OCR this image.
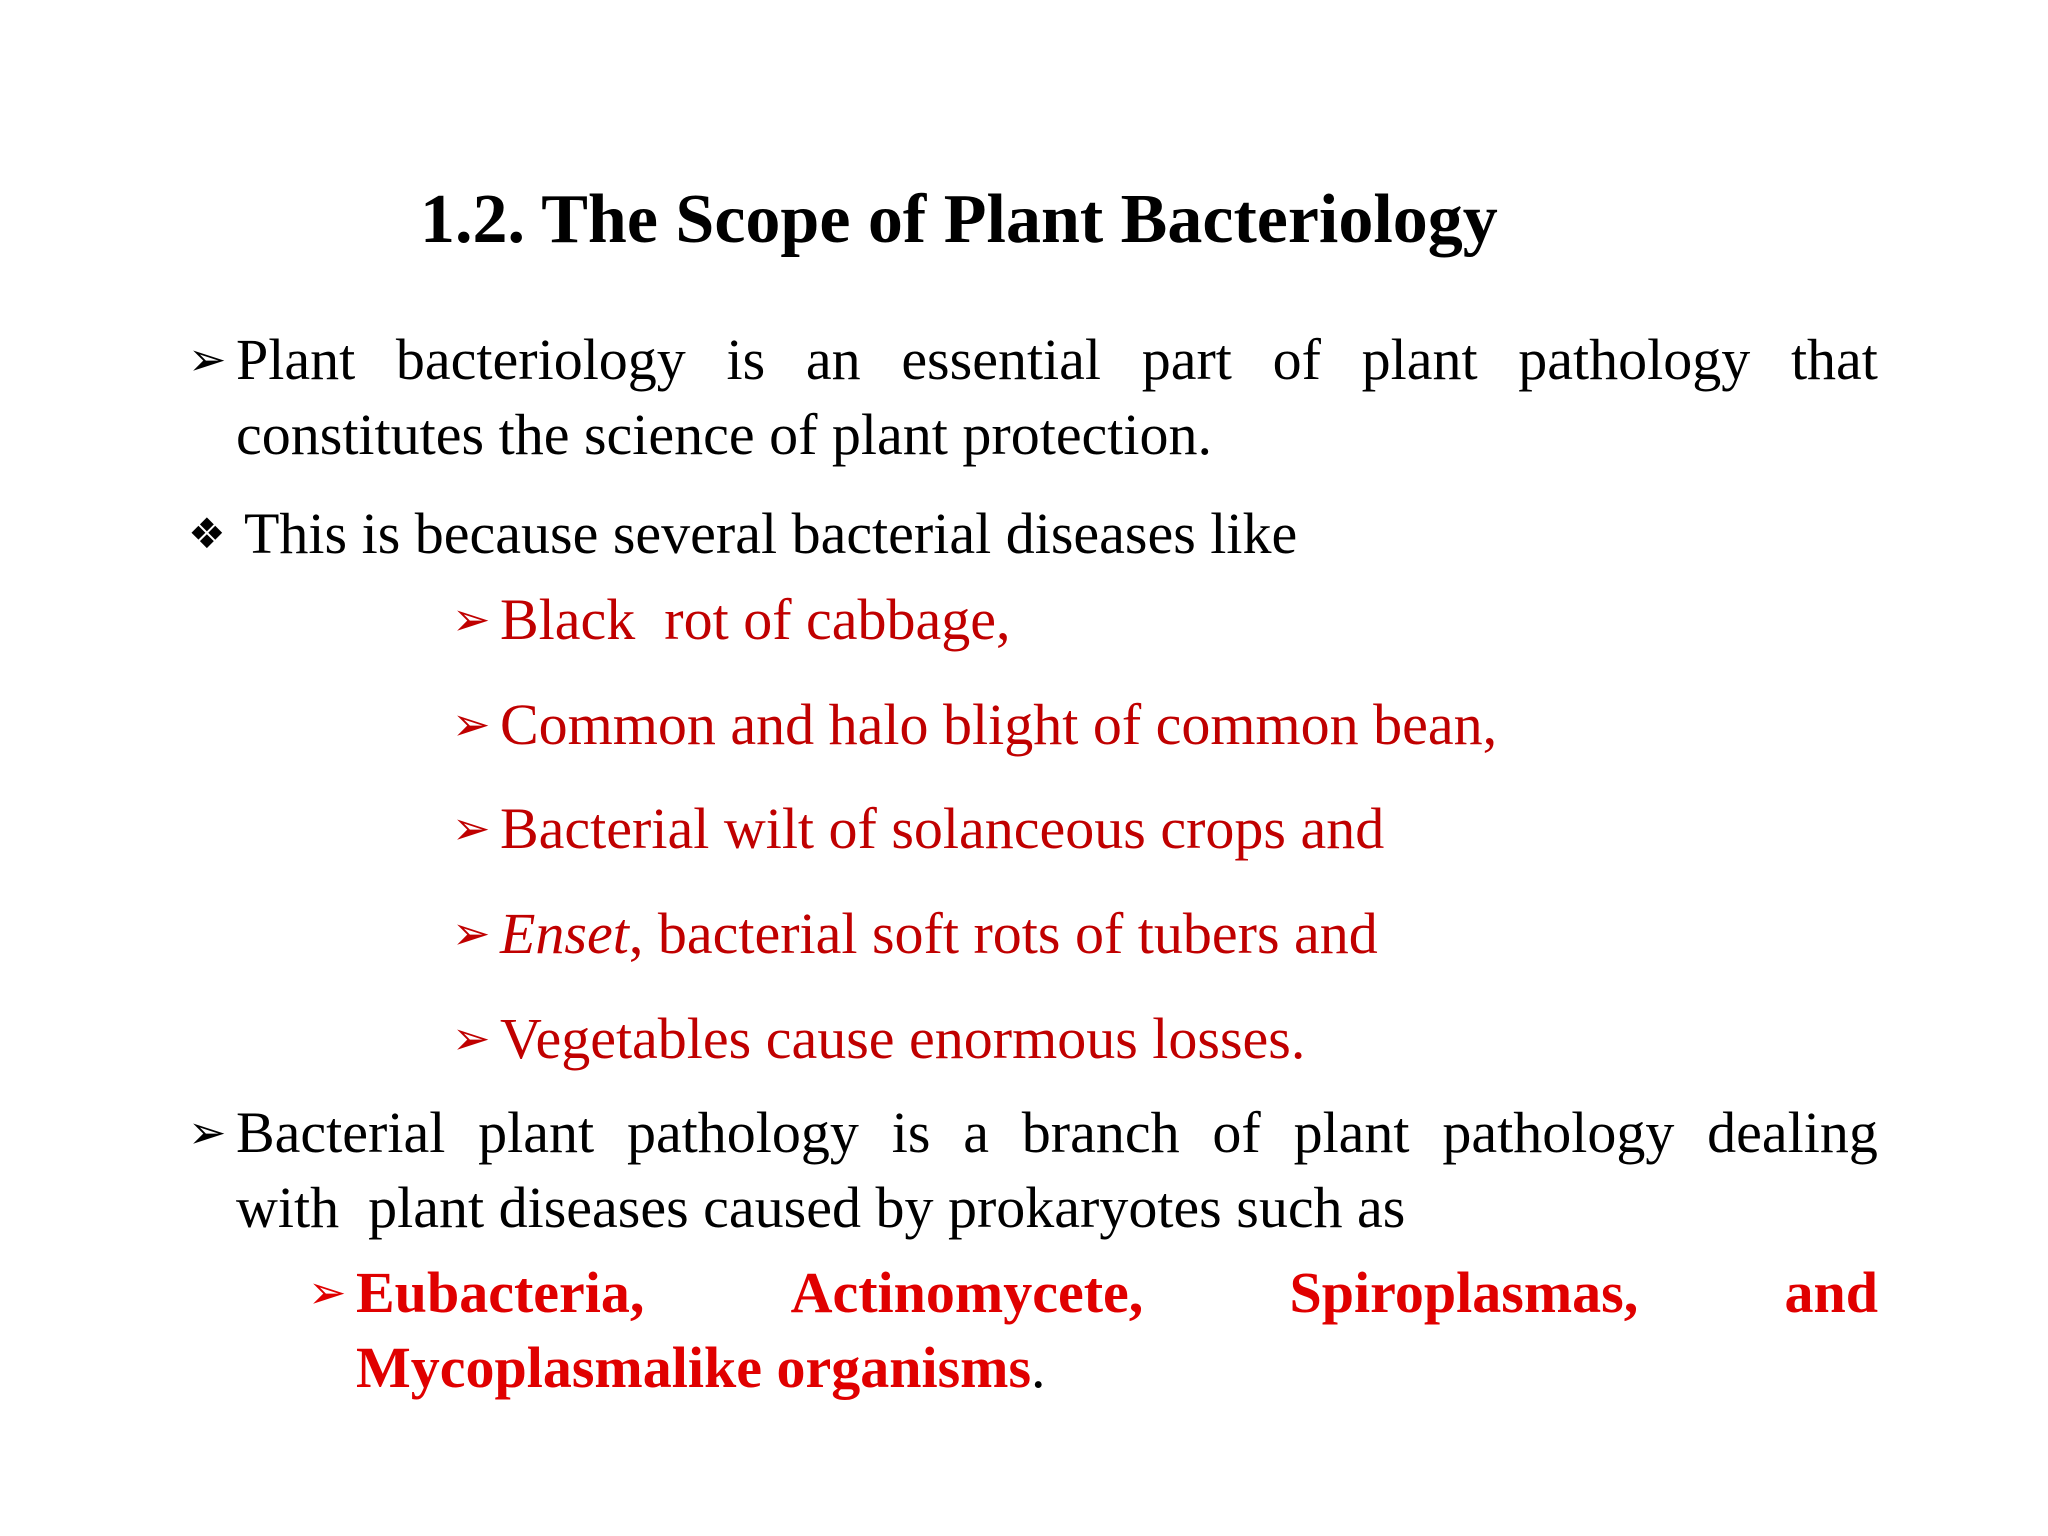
1.2. The Scope of Plant Bacteriology
➢ Plant bacteriology is an essential part of plant pathology that
constitutes the science of plant protection.
❖ This is because several bacterial diseases like
➢ Black  rot of cabbage,
➢ Common and halo blight of common bean,
➢ Bacterial wilt of solanceous crops and
➢ Enset, bacterial soft rots of tubers and
➢ Vegetables cause enormous losses.
➢ Bacterial plant pathology is a branch of plant pathology dealing
with  plant diseases caused by prokaryotes such as
➢ Eubacteria,	Actinomycete,	Spiroplasmas,	and
Mycoplasmalike organisms.
